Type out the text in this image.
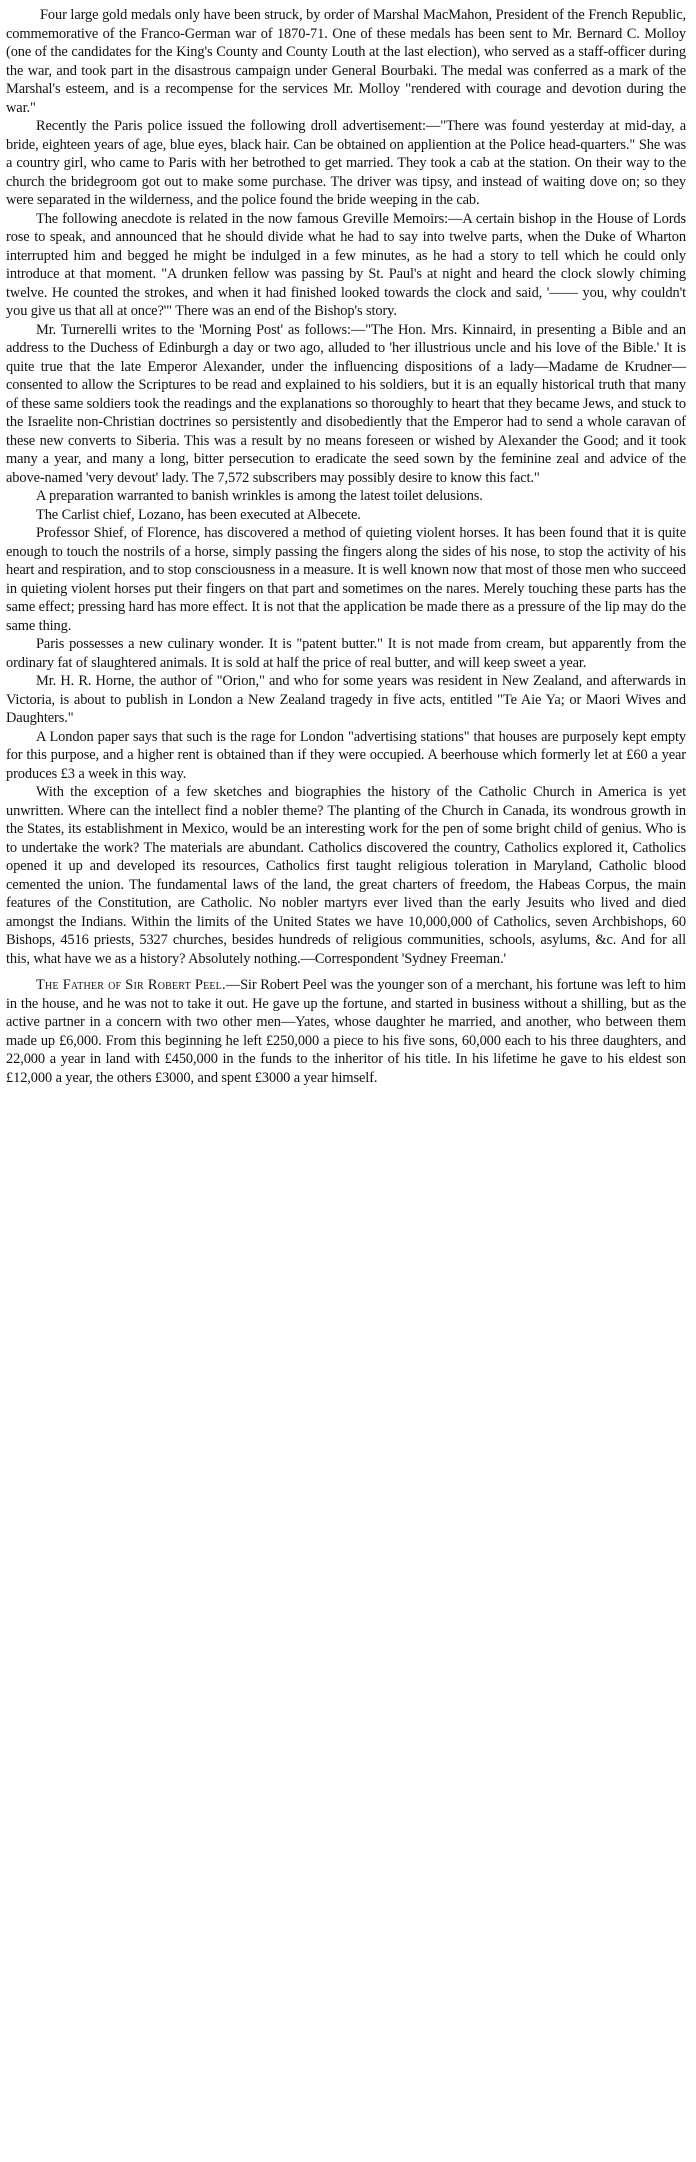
Four large gold medals only have been struck, by order of Marshal MacMahon, President of the French Republic, commemorative of the Franco-German war of 1870-71. One of these medals has been sent to Mr. Bernard C. Molloy (one of the candidates for the King's County and County Louth at the last election), who served as a staff-officer during the war, and took part in the disastrous campaign under General Bourbaki. The medal was conferred as a mark of the Marshal's esteem, and is a recompense for the services Mr. Molloy "rendered with courage and devotion during the war."

Recently the Paris police issued the following droll advertisement:—"There was found yesterday at mid-day, a bride, eighteen years of age, blue eyes, black hair. Can be obtained on appliention at the Police head-quarters." She was a country girl, who came to Paris with her betrothed to get married. They took a cab at the station. On their way to the church the bridegroom got out to make some purchase. The driver was tipsy, and instead of waiting dove on; so they were separated in the wilderness, and the police found the bride weeping in the cab.

The following anecdote is related in the now famous Greville Memoirs:—A certain bishop in the House of Lords rose to speak, and announced that he should divide what he had to say into twelve parts, when the Duke of Wharton interrupted him and begged he might be indulged in a few minutes, as he had a story to tell which he could only introduce at that moment. "A drunken fellow was passing by St. Paul's at night and heard the clock slowly chiming twelve. He counted the strokes, and when it had finished looked towards the clock and said, '—— you, why couldn't you give us that all at once?'" There was an end of the Bishop's story.

Mr. Turnerelli writes to the 'Morning Post' as follows:—"The Hon. Mrs. Kinnaird, in presenting a Bible and an address to the Duchess of Edinburgh a day or two ago, alluded to 'her illustrious uncle and his love of the Bible.' It is quite true that the late Emperor Alexander, under the influencing dispositions of a lady—Madame de Krudner—consented to allow the Scriptures to be read and explained to his soldiers, but it is an equally historical truth that many of these same soldiers took the readings and the explanations so thoroughly to heart that they became Jews, and stuck to the Israelite non-Christian doctrines so persistently and disobediently that the Emperor had to send a whole caravan of these new converts to Siberia. This was a result by no means foreseen or wished by Alexander the Good; and it took many a year, and many a long, bitter persecution to eradicate the seed sown by the feminine zeal and advice of the above-named 'very devout' lady. The 7,572 subscribers may possibly desire to know this fact."

A preparation warranted to banish wrinkles is among the latest toilet delusions.

The Carlist chief, Lozano, has been executed at Albecete.

Professor Shief, of Florence, has discovered a method of quieting violent horses. It has been found that it is quite enough to touch the nostrils of a horse, simply passing the fingers along the sides of his nose, to stop the activity of his heart and respiration, and to stop consciousness in a measure. It is well known now that most of those men who succeed in quieting violent horses put their fingers on that part and sometimes on the nares. Merely touching these parts has the same effect; pressing hard has more effect. It is not that the application be made there as a pressure of the lip may do the same thing.

Paris possesses a new culinary wonder. It is "patent butter." It is not made from cream, but apparently from the ordinary fat of slaughtered animals. It is sold at half the price of real butter, and will keep sweet a year.

Mr. H. R. Horne, the author of "Orion," and who for some years was resident in New Zealand, and afterwards in Victoria, is about to publish in London a New Zealand tragedy in five acts, entitled "Te Aie Ya; or Maori Wives and Daughters."

A London paper says that such is the rage for London "advertising stations" that houses are purposely kept empty for this purpose, and a higher rent is obtained than if they were occupied. A beerhouse which formerly let at £60 a year produces £3 a week in this way.

With the exception of a few sketches and biographies the history of the Catholic Church in America is yet unwritten. Where can the intellect find a nobler theme? The planting of the Church in Canada, its wondrous growth in the States, its establishment in Mexico, would be an interesting work for the pen of some bright child of genius. Who is to undertake the work? The materials are abundant. Catholics discovered the country, Catholics explored it, Catholics opened it up and developed its resources, Catholics first taught religious toleration in Maryland, Catholic blood cemented the union. The fundamental laws of the land, the great charters of freedom, the Habeas Corpus, the main features of the Constitution, are Catholic. No nobler martyrs ever lived than the early Jesuits who lived and died amongst the Indians. Within the limits of the United States we have 10,000,000 of Catholics, seven Archbishops, 60 Bishops, 4516 priests, 5327 churches, besides hundreds of religious communities, schools, asylums, &c. And for all this, what have we as a history? Absolutely nothing.—Correspondent 'Sydney Freeman.'

The Father of Sir Robert Peel.—Sir Robert Peel was the younger son of a merchant, his fortune was left to him in the house, and he was not to take it out. He gave up the fortune, and started in business without a shilling, but as the active partner in a concern with two other men—Yates, whose daughter he married, and another, who between them made up £6,000. From this beginning he left £250,000 a piece to his five sons, 60,000 each to his three daughters, and 22,000 a year in land with £450,000 in the funds to the inheritor of his title. In his lifetime he gave to his eldest son £12,000 a year, the others £3000, and spent £3000 a year himself.
